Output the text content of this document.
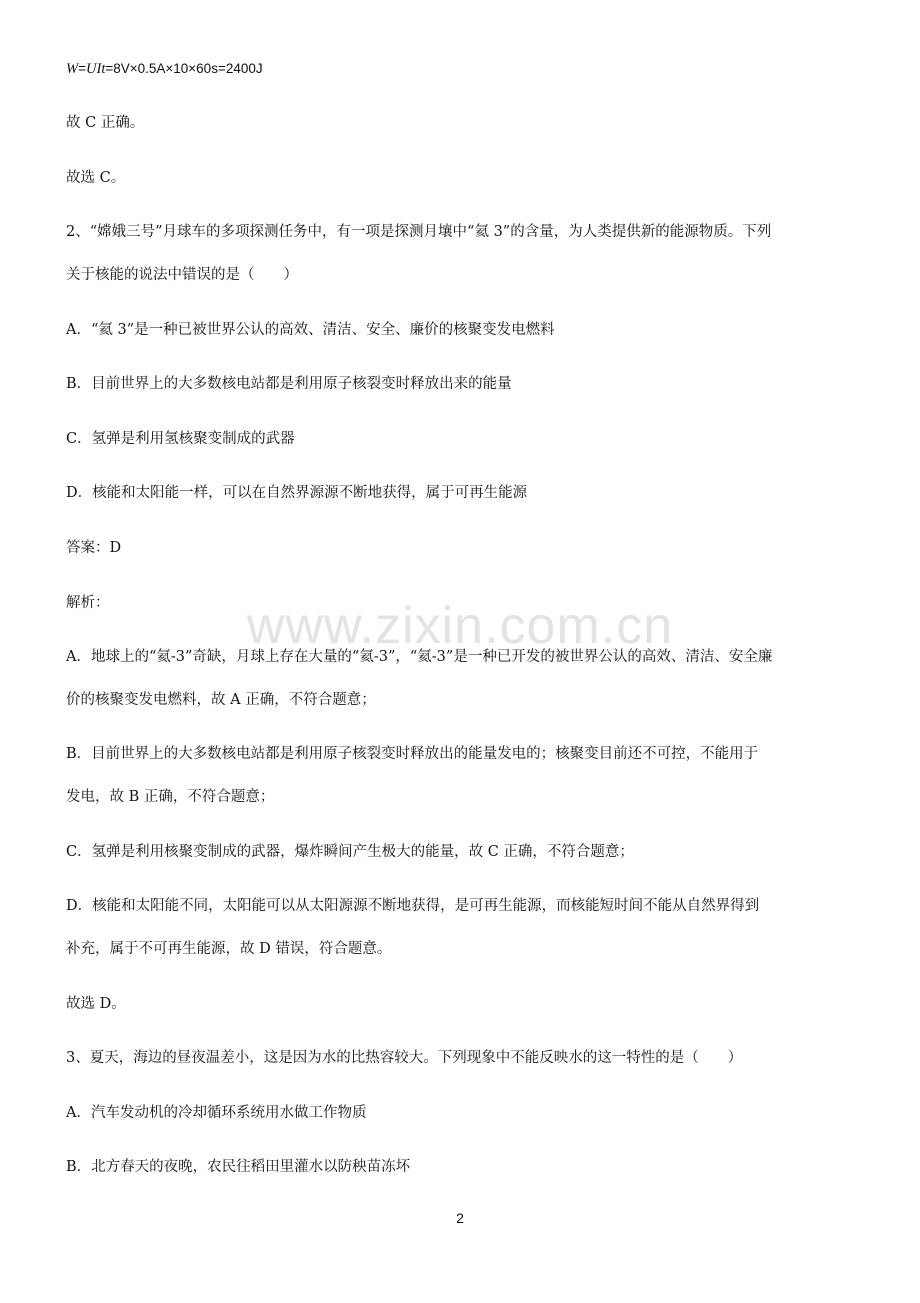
www.zixin.com.cn
W=UIt=8V×0.5A×10×60s=2400J
故 C 正确。
故选 C。
2、“嫦娥三号”月球车的多项探测任务中，有一项是探测月壤中“氦 3”的含量，为人类提供新的能源物质。下列
关于核能的说法中错误的是（　　）
A．“氦 3”是一种已被世界公认的高效、清洁、安全、廉价的核聚变发电燃料
B．目前世界上的大多数核电站都是利用原子核裂变时释放出来的能量
C．氢弹是利用氢核聚变制成的武器
D．核能和太阳能一样，可以在自然界源源不断地获得，属于可再生能源
答案：D
解析：
A．地球上的“氦-3”奇缺，月球上存在大量的“氦-3”，“氦-3”是一种已开发的被世界公认的高效、清洁、安全廉
价的核聚变发电燃料，故 A 正确，不符合题意；
B．目前世界上的大多数核电站都是利用原子核裂变时释放出的能量发电的；核聚变目前还不可控，不能用于
发电，故 B 正确，不符合题意；
C．氢弹是利用核聚变制成的武器，爆炸瞬间产生极大的能量，故 C 正确，不符合题意；
D．核能和太阳能不同，太阳能可以从太阳源源不断地获得，是可再生能源，而核能短时间不能从自然界得到
补充，属于不可再生能源，故 D 错误，符合题意。
故选 D。
3、夏天，海边的昼夜温差小，这是因为水的比热容较大。下列现象中不能反映水的这一特性的是（　　）
A．汽车发动机的冷却循环系统用水做工作物质
B．北方春天的夜晚，农民往稻田里灌水以防秧苗冻坏
2
